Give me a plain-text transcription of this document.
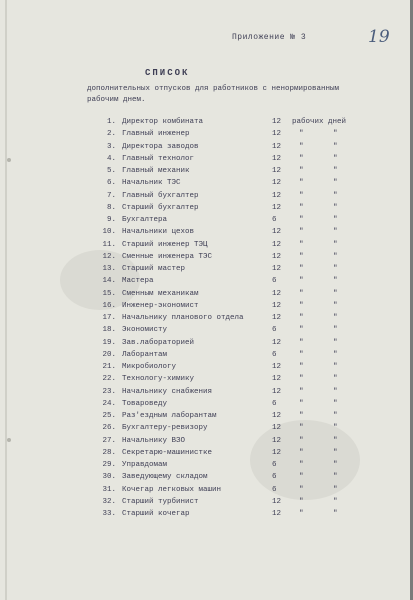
Приложение № 3	19
СПИСОК
дополнительных отпусков для работников с ненормированным
рабочим днем.
1. Директор комбината	12 рабочих дней
2. Главный инженер	12 "	"
3. Директора заводов	12 "	"
4. Главный технолог	12 "	"
5. Главный механик	12 "	"
6. Начальник ТЭС	12 "	"
7. Главный бухгалтер	12 "	"
8. Старший бухгалтер	12 "	"
9. Бухгалтера	6	"	"
10. Начальники цехов	12 "	"
11. Старший инженер ТЭЦ	12 "	"
12. Сменные инженера ТЭС	12 "	"
13. Старший мастер	12 "	"
14. Мастера	6	"	"
15. Сменным механикам	12 "	"
16. Инженер-экономист	12 "	"
17. Начальнику планового отдела	12 "	"
18. Экономисту	6	"	"
19. Зав.лабораторией	12 "	"
20. Лаборантам	6	"	"
21. Микробиологу	12 "	"
22. Технологу-химику	12 "	"
23. Начальнику снабжения	12 "	"
24. Товароведу	6	"	"
25. Раз'ездным лаборантам	12 "	"
26. Бухгалтеру-ревизору	12 "	"
27. Начальнику ВЗО	12 "	"
28. Секретарю-машинистке	12 "	"
29. Управдомам	6	"	"
30. Заведующему складом	6	"	"
31. Кочегар легковых машин	6	"	"
32. Старший турбинист	12 "	"
33. Старший кочегар	12 "	"
